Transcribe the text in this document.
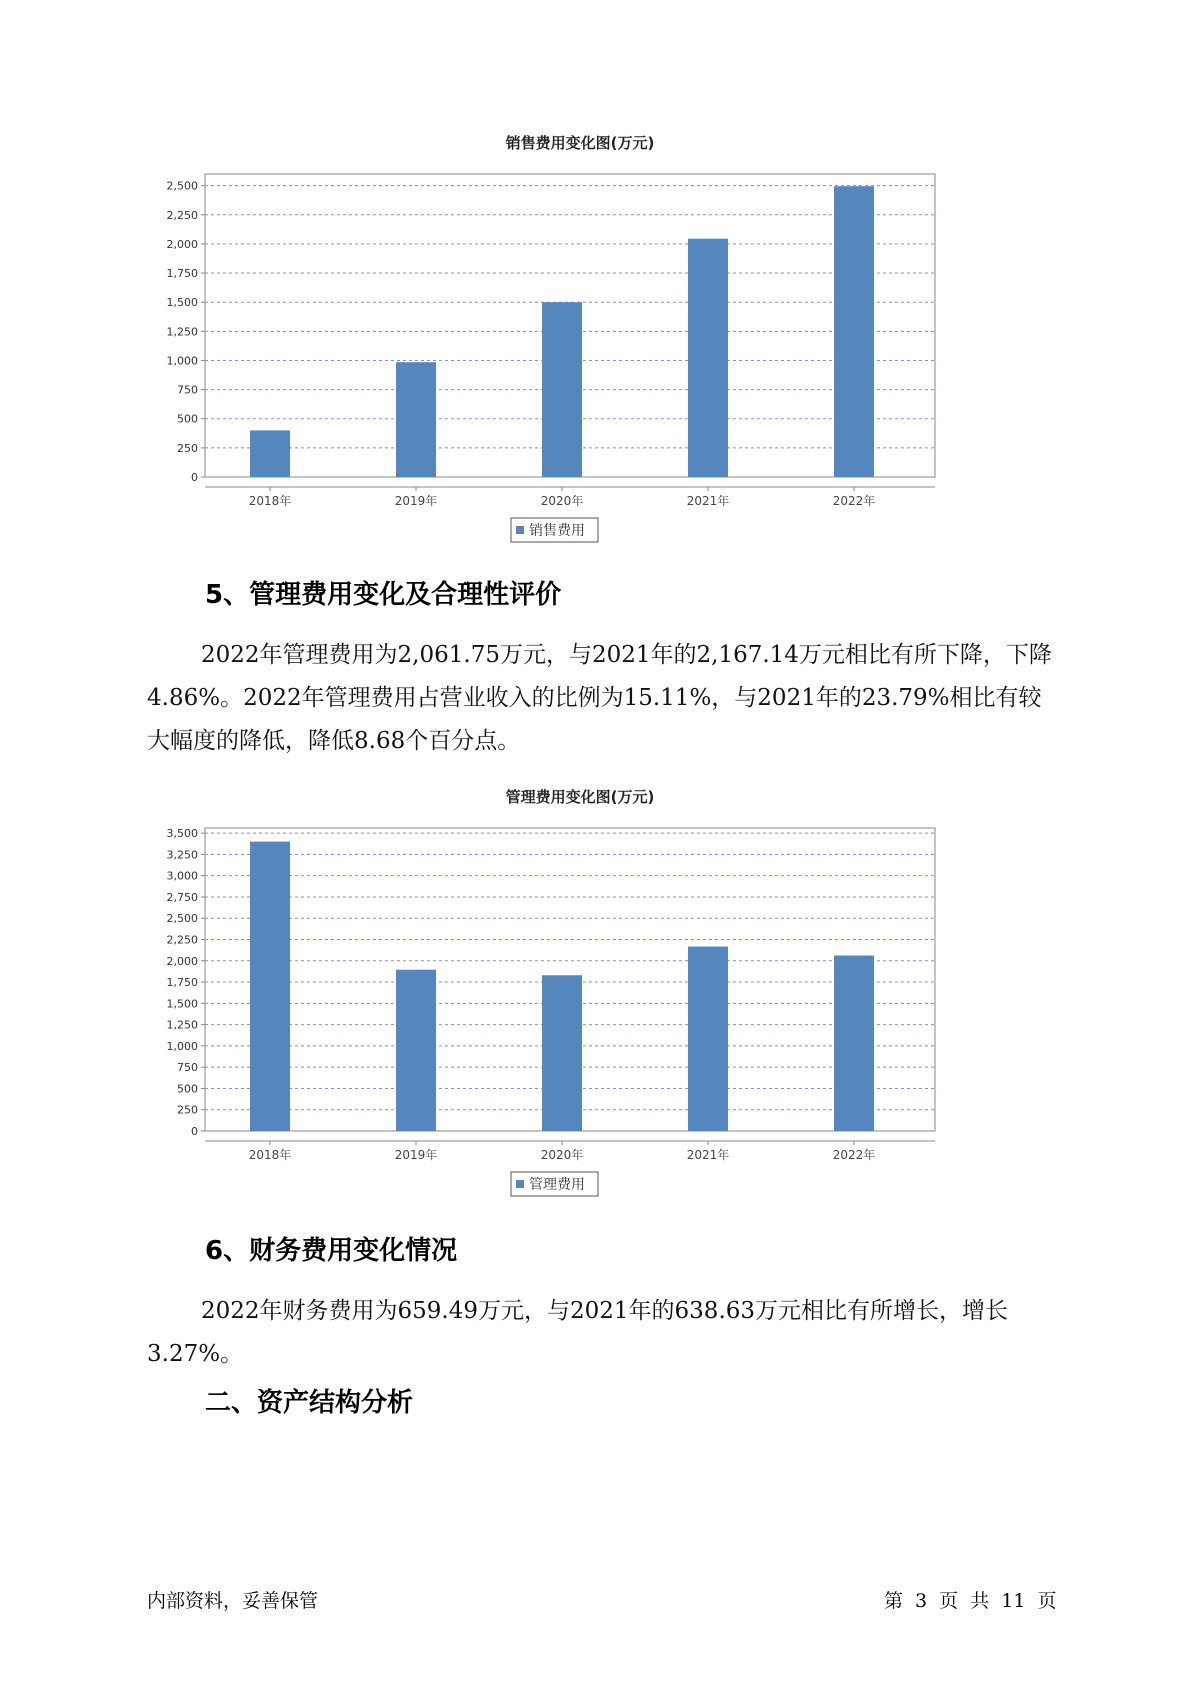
销售费用变化图(万元)
0
250
500
750
1,000
1,250
1,500
1,750
2,000
2,250
2,500
2018年	2019年	2020年	2021年	2022年
销售费用
5、管理费用变化及合理性评价

2022年管理费用为2,061.75万元，与2021年的2,167.14万元相比有所下降，下降4.86%。2022年管理费用占营业收入的比例为15.11%，与2021年的23.79%相比有较大幅度的降低，降低8.68个百分点。

管理费用变化图(万元)
0
250
500
750
1,000
1,250
1,500
1,750
2,000
2,250
2,500
2,750
3,000
3,250
3,500
2018年	2019年	2020年	2021年	2022年
管理费用
6、财务费用变化情况

2022年财务费用为659.49万元，与2021年的638.63万元相比有所增长，增长3.27%。

二、资产结构分析
内部资料，妥善保管	第 3 页 共 11 页
